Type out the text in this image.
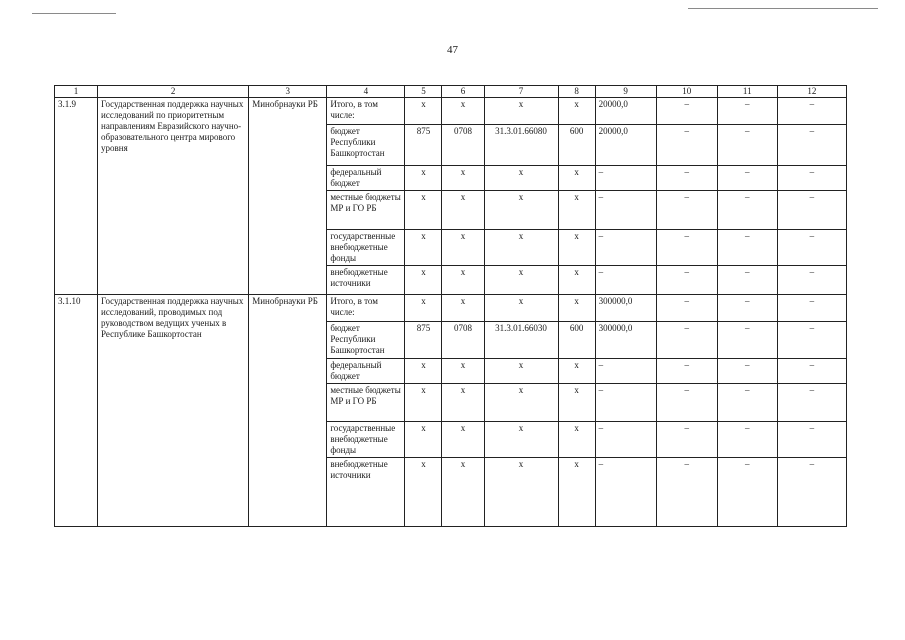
47
1	2	3	4	5	6	7	8	9	10	11	12
3.1.9	Государственная поддержка научных исследований по приоритетным направлениям Евразийского научно-образовательного центра мирового уровня	Минобрнауки РБ	Итого, в том числе:	х	х	х	х	20000,0	–	–	–
			бюджет Республики Башкортостан	875	0708	31.3.01.66080	600	20000,0	–	–	–
			федеральный бюджет	х	х	х	х	–	–	–	–
			местные бюджеты МР и ГО РБ	х	х	х	х	–	–	–	–
			государственные внебюджетные фонды	х	х	х	х	–	–	–	–
			внебюджетные источники	х	х	х	х	–	–	–	–
3.1.10	Государственная поддержка научных исследований, проводимых под руководством ведущих ученых в Республике Башкортостан	Минобрнауки РБ	Итого, в том числе:	х	х	х	х	300000,0	–	–	–
			бюджет Республики Башкортостан	875	0708	31.3.01.66030	600	300000,0	–	–	–
			федеральный бюджет	х	х	х	х	–	–	–	–
			местные бюджеты МР и ГО РБ	х	х	х	х	–	–	–	–
			государственные внебюджетные фонды	х	х	х	х	–	–	–	–
			внебюджетные источники	х	х	х	х	–	–	–	–
